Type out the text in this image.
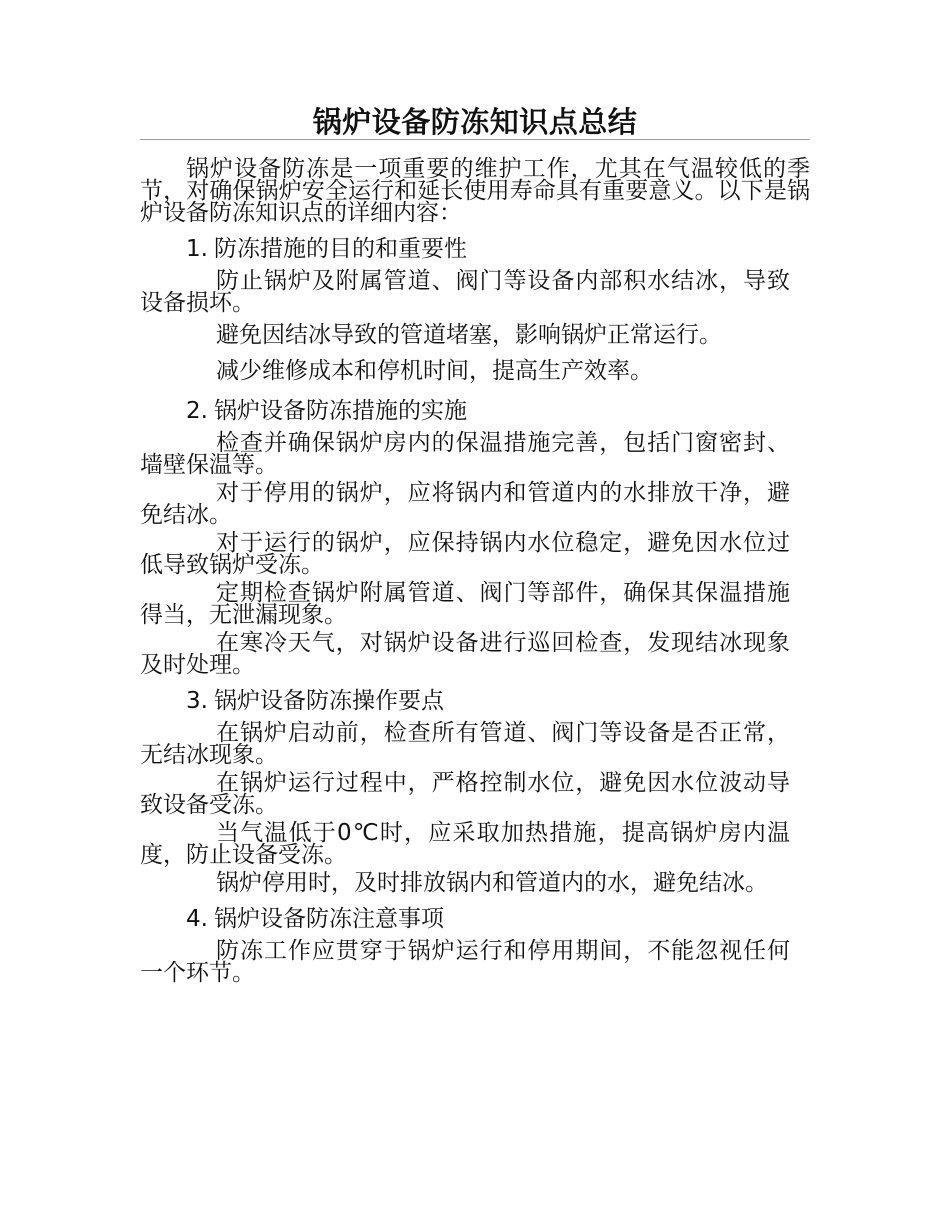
锅炉设备防冻知识点总结

锅炉设备防冻是一项重要的维护工作，尤其在气温较低的季节，对确保锅炉安全运行和延长使用寿命具有重要意义。以下是锅炉设备防冻知识点的详细内容：

1. 防冻措施的目的和重要性

防止锅炉及附属管道、阀门等设备内部积水结冰，导致设备损坏。

避免因结冰导致的管道堵塞，影响锅炉正常运行。

减少维修成本和停机时间，提高生产效率。

2. 锅炉设备防冻措施的实施

检查并确保锅炉房内的保温措施完善，包括门窗密封、墙壁保温等。

对于停用的锅炉，应将锅内和管道内的水排放干净，避免结冰。

对于运行的锅炉，应保持锅内水位稳定，避免因水位过低导致锅炉受冻。

定期检查锅炉附属管道、阀门等部件，确保其保温措施得当，无泄漏现象。

在寒冷天气，对锅炉设备进行巡回检查，发现结冰现象及时处理。

3. 锅炉设备防冻操作要点

在锅炉启动前，检查所有管道、阀门等设备是否正常，无结冰现象。

在锅炉运行过程中，严格控制水位，避免因水位波动导致设备受冻。

当气温低于0℃时，应采取加热措施，提高锅炉房内温度，防止设备受冻。

锅炉停用时，及时排放锅内和管道内的水，避免结冰。

4. 锅炉设备防冻注意事项

防冻工作应贯穿于锅炉运行和停用期间，不能忽视任何一个环节。
